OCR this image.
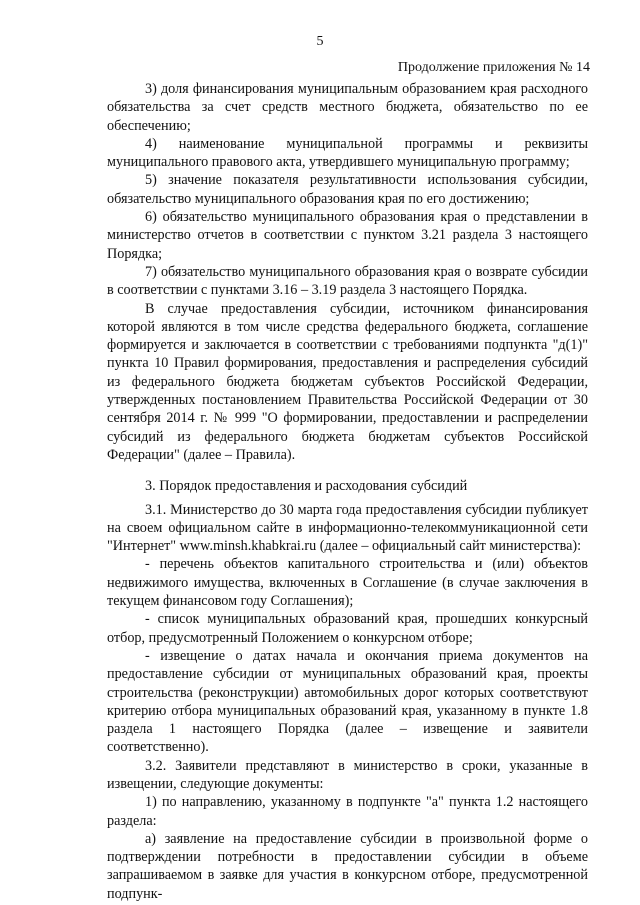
5
Продолжение приложения № 14

3) доля финансирования муниципальным образованием края расходного обязательства за счет средств местного бюджета, обязательство по ее обеспечению;

4) наименование муниципальной программы и реквизиты муниципального правового акта, утвердившего муниципальную программу;

5) значение показателя результативности использования субсидии, обязательство муниципального образования края по его достижению;

6) обязательство муниципального образования края о представлении в министерство отчетов в соответствии с пунктом 3.21 раздела 3 настоящего Порядка;

7) обязательство муниципального образования края о возврате субсидии в соответствии с пунктами 3.16 – 3.19 раздела 3 настоящего Порядка.

В случае предоставления субсидии, источником финансирования которой являются в том числе средства федерального бюджета, соглашение формируется и заключается в соответствии с требованиями подпункта "д(1)" пункта 10 Правил формирования, предоставления и распределения субсидий из федерального бюджета бюджетам субъектов Российской Федерации, утвержденных постановлением Правительства Российской Федерации от 30 сентября 2014 г. № 999 "О формировании, предоставлении и распределении субсидий из федерального бюджета бюджетам субъектов Российской Федерации" (далее – Правила).

3. Порядок предоставления и расходования субсидий

3.1. Министерство до 30 марта года предоставления субсидии публикует на своем официальном сайте в информационно-телекоммуникационной сети "Интернет" www.minsh.khabkrai.ru (далее – официальный сайт министерства):

- перечень объектов капитального строительства и (или) объектов недвижимого имущества, включенных в Соглашение (в случае заключения в текущем финансовом году Соглашения);

- список муниципальных образований края, прошедших конкурсный отбор, предусмотренный Положением о конкурсном отборе;

- извещение о датах начала и окончания приема документов на предоставление субсидии от муниципальных образований края, проекты строительства (реконструкции) автомобильных дорог которых соответствуют критерию отбора муниципальных образований края, указанному в пункте 1.8 раздела 1 настоящего Порядка (далее – извещение и заявители соответственно).

3.2. Заявители представляют в министерство в сроки, указанные в извещении, следующие документы:

1) по направлению, указанному в подпункте "а" пункта 1.2 настоящего раздела:

а) заявление на предоставление субсидии в произвольной форме о подтверждении потребности в предоставлении субсидии в объеме запрашиваемом в заявке для участия в конкурсном отборе, предусмотренной подпунк-
